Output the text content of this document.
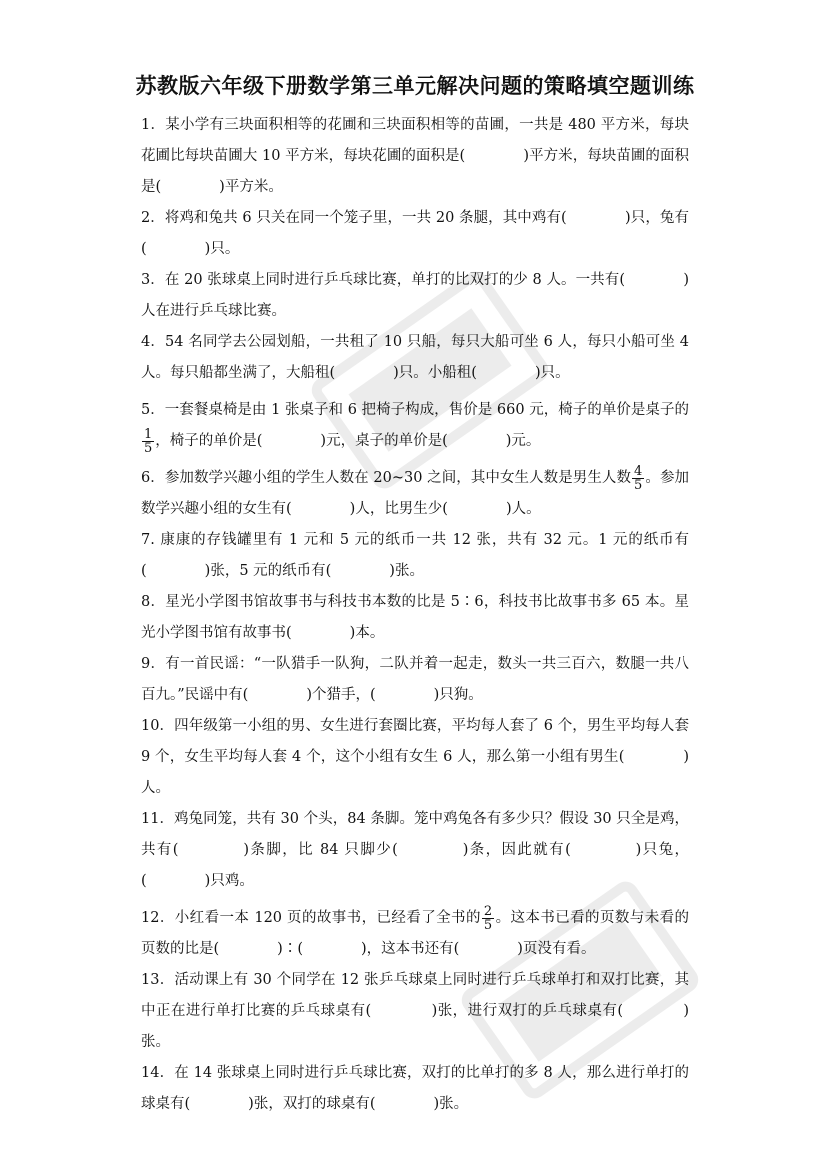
苏教版六年级下册数学第三单元解决问题的策略填空题训练

1．某小学有三块面积相等的花圃和三块面积相等的苗圃，一共是 480 平方米，每块花圃比每块苗圃大 10 平方米，每块花圃的面积是(　　　　)平方米，每块苗圃的面积是(　　　　)平方米。

2．将鸡和兔共 6 只关在同一个笼子里，一共 20 条腿，其中鸡有(　　　　)只，兔有(　　　　)只。

3．在 20 张球桌上同时进行乒乓球比赛，单打的比双打的少 8 人。一共有(　　　　)人在进行乒乓球比赛。

4．54 名同学去公园划船，一共租了 10 只船，每只大船可坐 6 人，每只小船可坐 4 人。每只船都坐满了，大船租(　　　　)只。小船租(　　　　)只。

5．一套餐桌椅是由 1 张桌子和 6 把椅子构成，售价是 660 元，椅子的单价是桌子的
$\frac{1}{5}$ ，椅子的单价是(　　　　)元，桌子的单价是(　　　　)元。

6．参加数学兴趣小组的学生人数在 20~30 之间，其中女生人数是男生人数 $\frac{4}{5}$ 。参加数学兴趣小组的女生有(　　　　)人，比男生少(　　　　)人。

7. 康康的存钱罐里有 1 元和 5 元的纸币一共 12 张，共有 32 元。1 元的纸币有(　　　　)张，5 元的纸币有(　　　　)张。

8．星光小学图书馆故事书与科技书本数的比是 5∶6，科技书比故事书多 65 本。星光小学图书馆有故事书(　　　　)本。

9．有一首民谣：“一队猎手一队狗，二队并着一起走，数头一共三百六，数腿一共八百九。”民谣中有(　　　　)个猎手，(　　　　)只狗。

10．四年级第一小组的男、女生进行套圈比赛，平均每人套了 6 个，男生平均每人套 9 个，女生平均每人套 4 个，这个小组有女生 6 人，那么第一小组有男生(　　　　)人。

11．鸡兔同笼，共有 30 个头，84 条脚。笼中鸡兔各有多少只？假设 30 只全是鸡，共有(　　　　)条脚，比 84 只脚少(　　　　)条，因此就有(　　　　)只兔，(　　　　)只鸡。

12．小红看一本 120 页的故事书，已经看了全书的 $\frac{2}{5}$ 。这本书已看的页数与未看的页数的比是(　　　　)∶(　　　　)，这本书还有(　　　　)页没有看。

13．活动课上有 30 个同学在 12 张乒乓球桌上同时进行乒乓球单打和双打比赛，其中正在进行单打比赛的乒乓球桌有(　　　　)张，进行双打的乒乓球桌有(　　　　)张。

14．在 14 张球桌上同时进行乒乓球比赛，双打的比单打的多 8 人，那么进行单打的球桌有(　　　　)张，双打的球桌有(　　　　)张。
